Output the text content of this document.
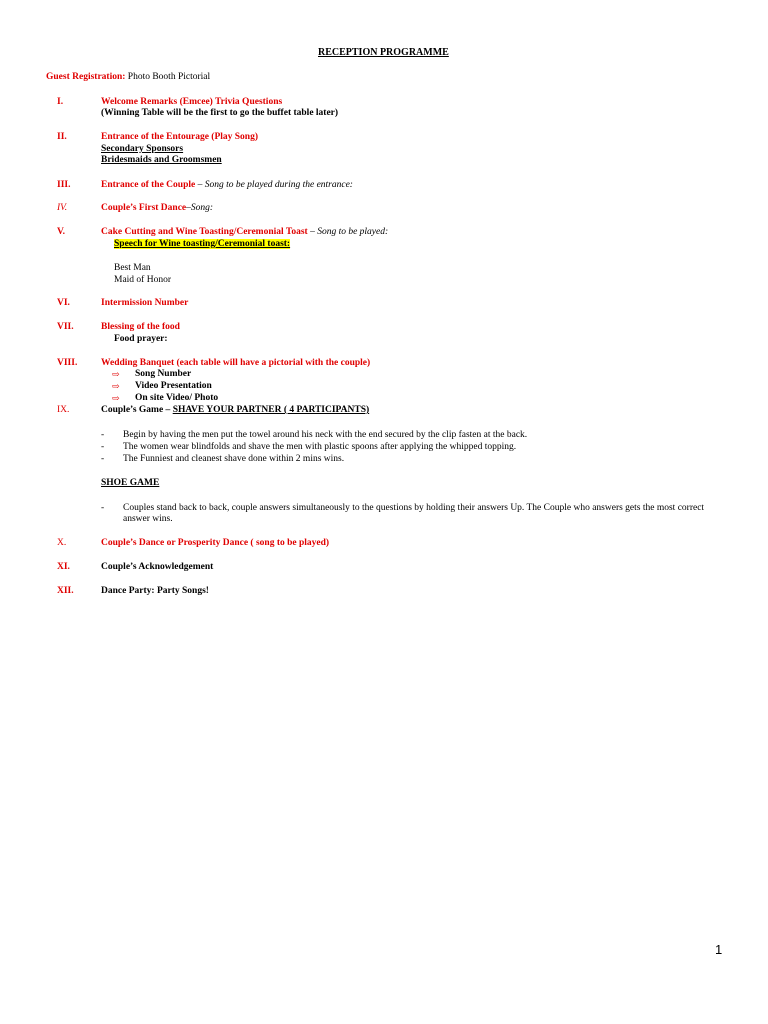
RECEPTION PROGRAMME
Guest Registration: Photo Booth Pictorial
I.	Welcome Remarks (Emcee) Trivia Questions
(Winning Table will be the first to go the buffet table later)
II.	Entrance of the Entourage (Play Song)
Secondary Sponsors
Bridesmaids and Groomsmen
III.	Entrance of the Couple – Song to be played during the entrance:
IV.	Couple’s First Dance–Song:
V.	Cake Cutting and Wine Toasting/Ceremonial Toast – Song to be played:
Speech for Wine toasting/Ceremonial toast:
Best Man
Maid of Honor
VI.	Intermission Number
VII.	Blessing of the food
Food prayer:
VIII. Wedding Banquet (each table will have a pictorial with the couple)
⇨ Song Number
⇨ Video Presentation
⇨ On site Video/ Photo
IX.	Couple’s Game – SHAVE YOUR PARTNER ( 4 PARTICIPANTS)
- Begin by having the men put the towel around his neck with the end secured by the clip fasten at the back.
- The women wear blindfolds and shave the men with plastic spoons after applying the whipped topping.
- The Funniest and cleanest shave done within 2 mins wins.
SHOE GAME
- Couples stand back to back, couple answers simultaneously to the questions by holding their answers Up. The Couple who answers gets the most correct answer wins.
X.	Couple’s Dance or Prosperity Dance ( song to be played)
XI.	Couple’s Acknowledgement
XII.	Dance Party: Party Songs!
1
